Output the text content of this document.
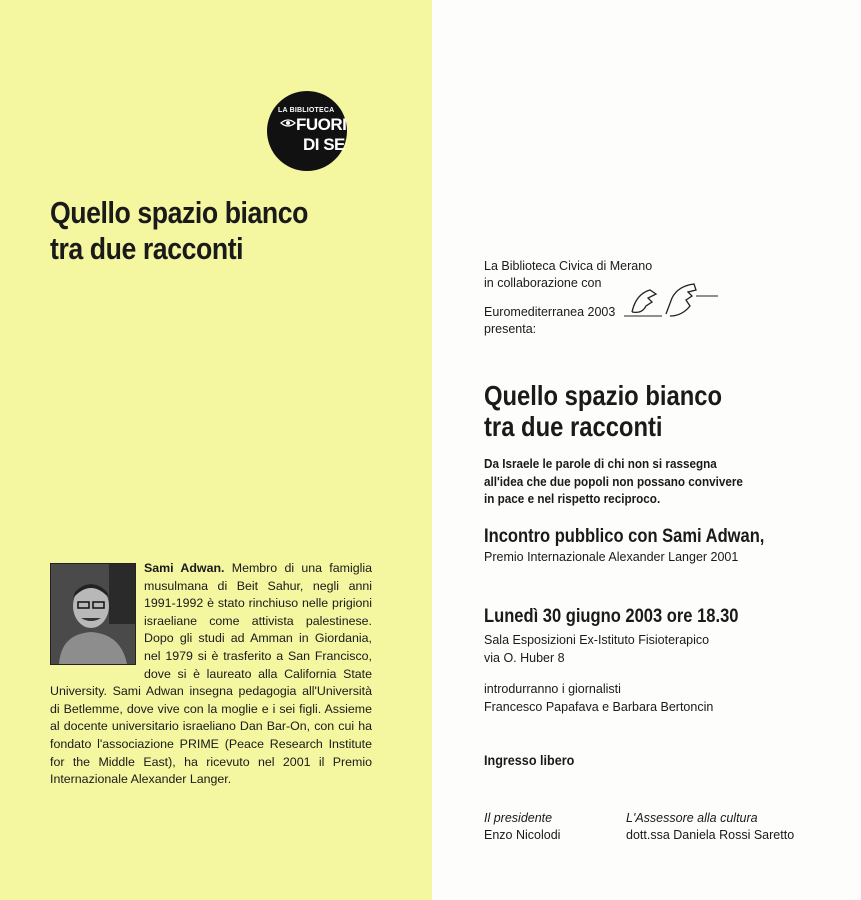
LA BIBLIOTECA
FUORI
DI SE
Quello spazio bianco
tra due racconti
Sami Adwan. Membro di una famiglia musulmana di Beit Sahur, negli anni 1991-1992 è stato rinchiuso nelle prigioni israeliane come attivista palestinese. Dopo gli studi ad Amman in Giordania, nel 1979 si è trasferito a San Francisco, dove si è laureato alla California State University. Sami Adwan insegna pedagogia all'Università di Betlemme, dove vive con la moglie e i sei figli. Assieme al docente universitario israeliano Dan Bar-On, con cui ha fondato l'associazione PRIME (Peace Research Institute for the Middle East), ha ricevuto nel 2001 il Premio Internazionale Alexander Langer.
La Biblioteca Civica di Merano
in collaborazione con
Euromediterranea 2003
presenta:
Quello spazio bianco
tra due racconti
Da Israele le parole di chi non si rassegna
all'idea che due popoli non possano convivere
in pace e nel rispetto reciproco.
Incontro pubblico con Sami Adwan,
Premio Internazionale Alexander Langer 2001
Lunedì 30 giugno 2003 ore 18.30
Sala Esposizioni Ex-Istituto Fisioterapico
via O. Huber 8
introdurranno i giornalisti
Francesco Papafava e Barbara Bertoncin
Ingresso libero
Il presidente
Enzo Nicolodi
L'Assessore alla cultura
dott.ssa Daniela Rossi Saretto
